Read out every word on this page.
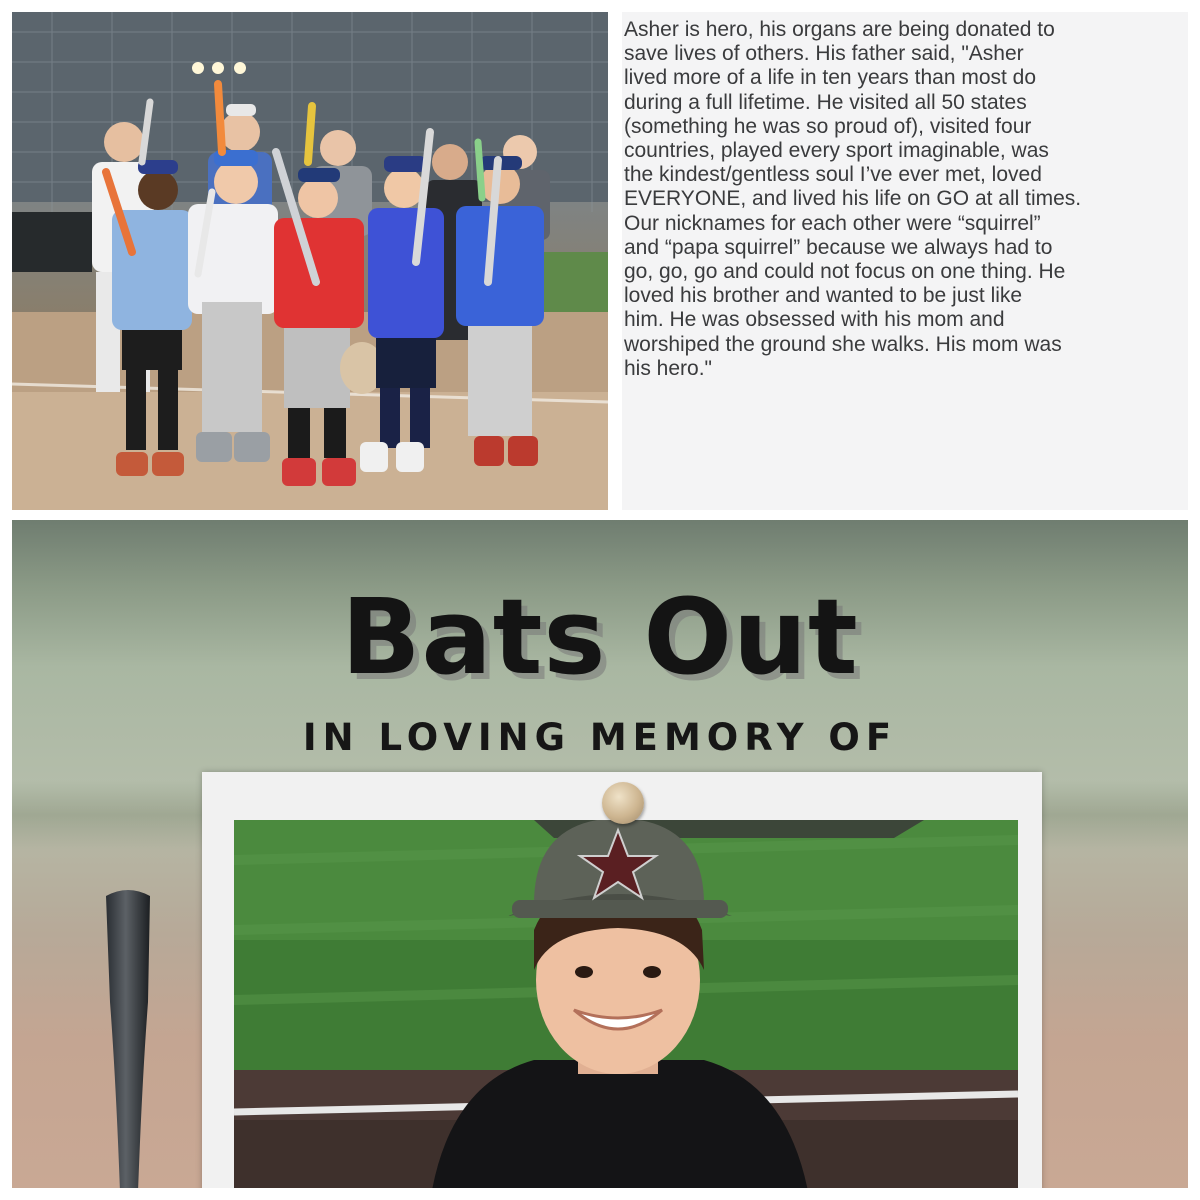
Asher is hero, his organs are being donated to
save lives of others. His father said, "Asher
lived more of a life in ten years than most do
during a full lifetime. He visited all 50 states
(something he was so proud of), visited four
countries, played every sport imaginable, was
the kindest/gentless soul I’ve ever met, loved
EVERYONE, and lived his life on GO at all times.
Our nicknames for each other were “squirrel”
and “papa squirrel” because we always had to
go, go, go and could not focus on one thing. He
loved his brother and wanted to be just like
him. He was obsessed with his mom and
worshiped the ground she walks. His mom was
his hero."

Bats Out
IN LOVING MEMORY OF
